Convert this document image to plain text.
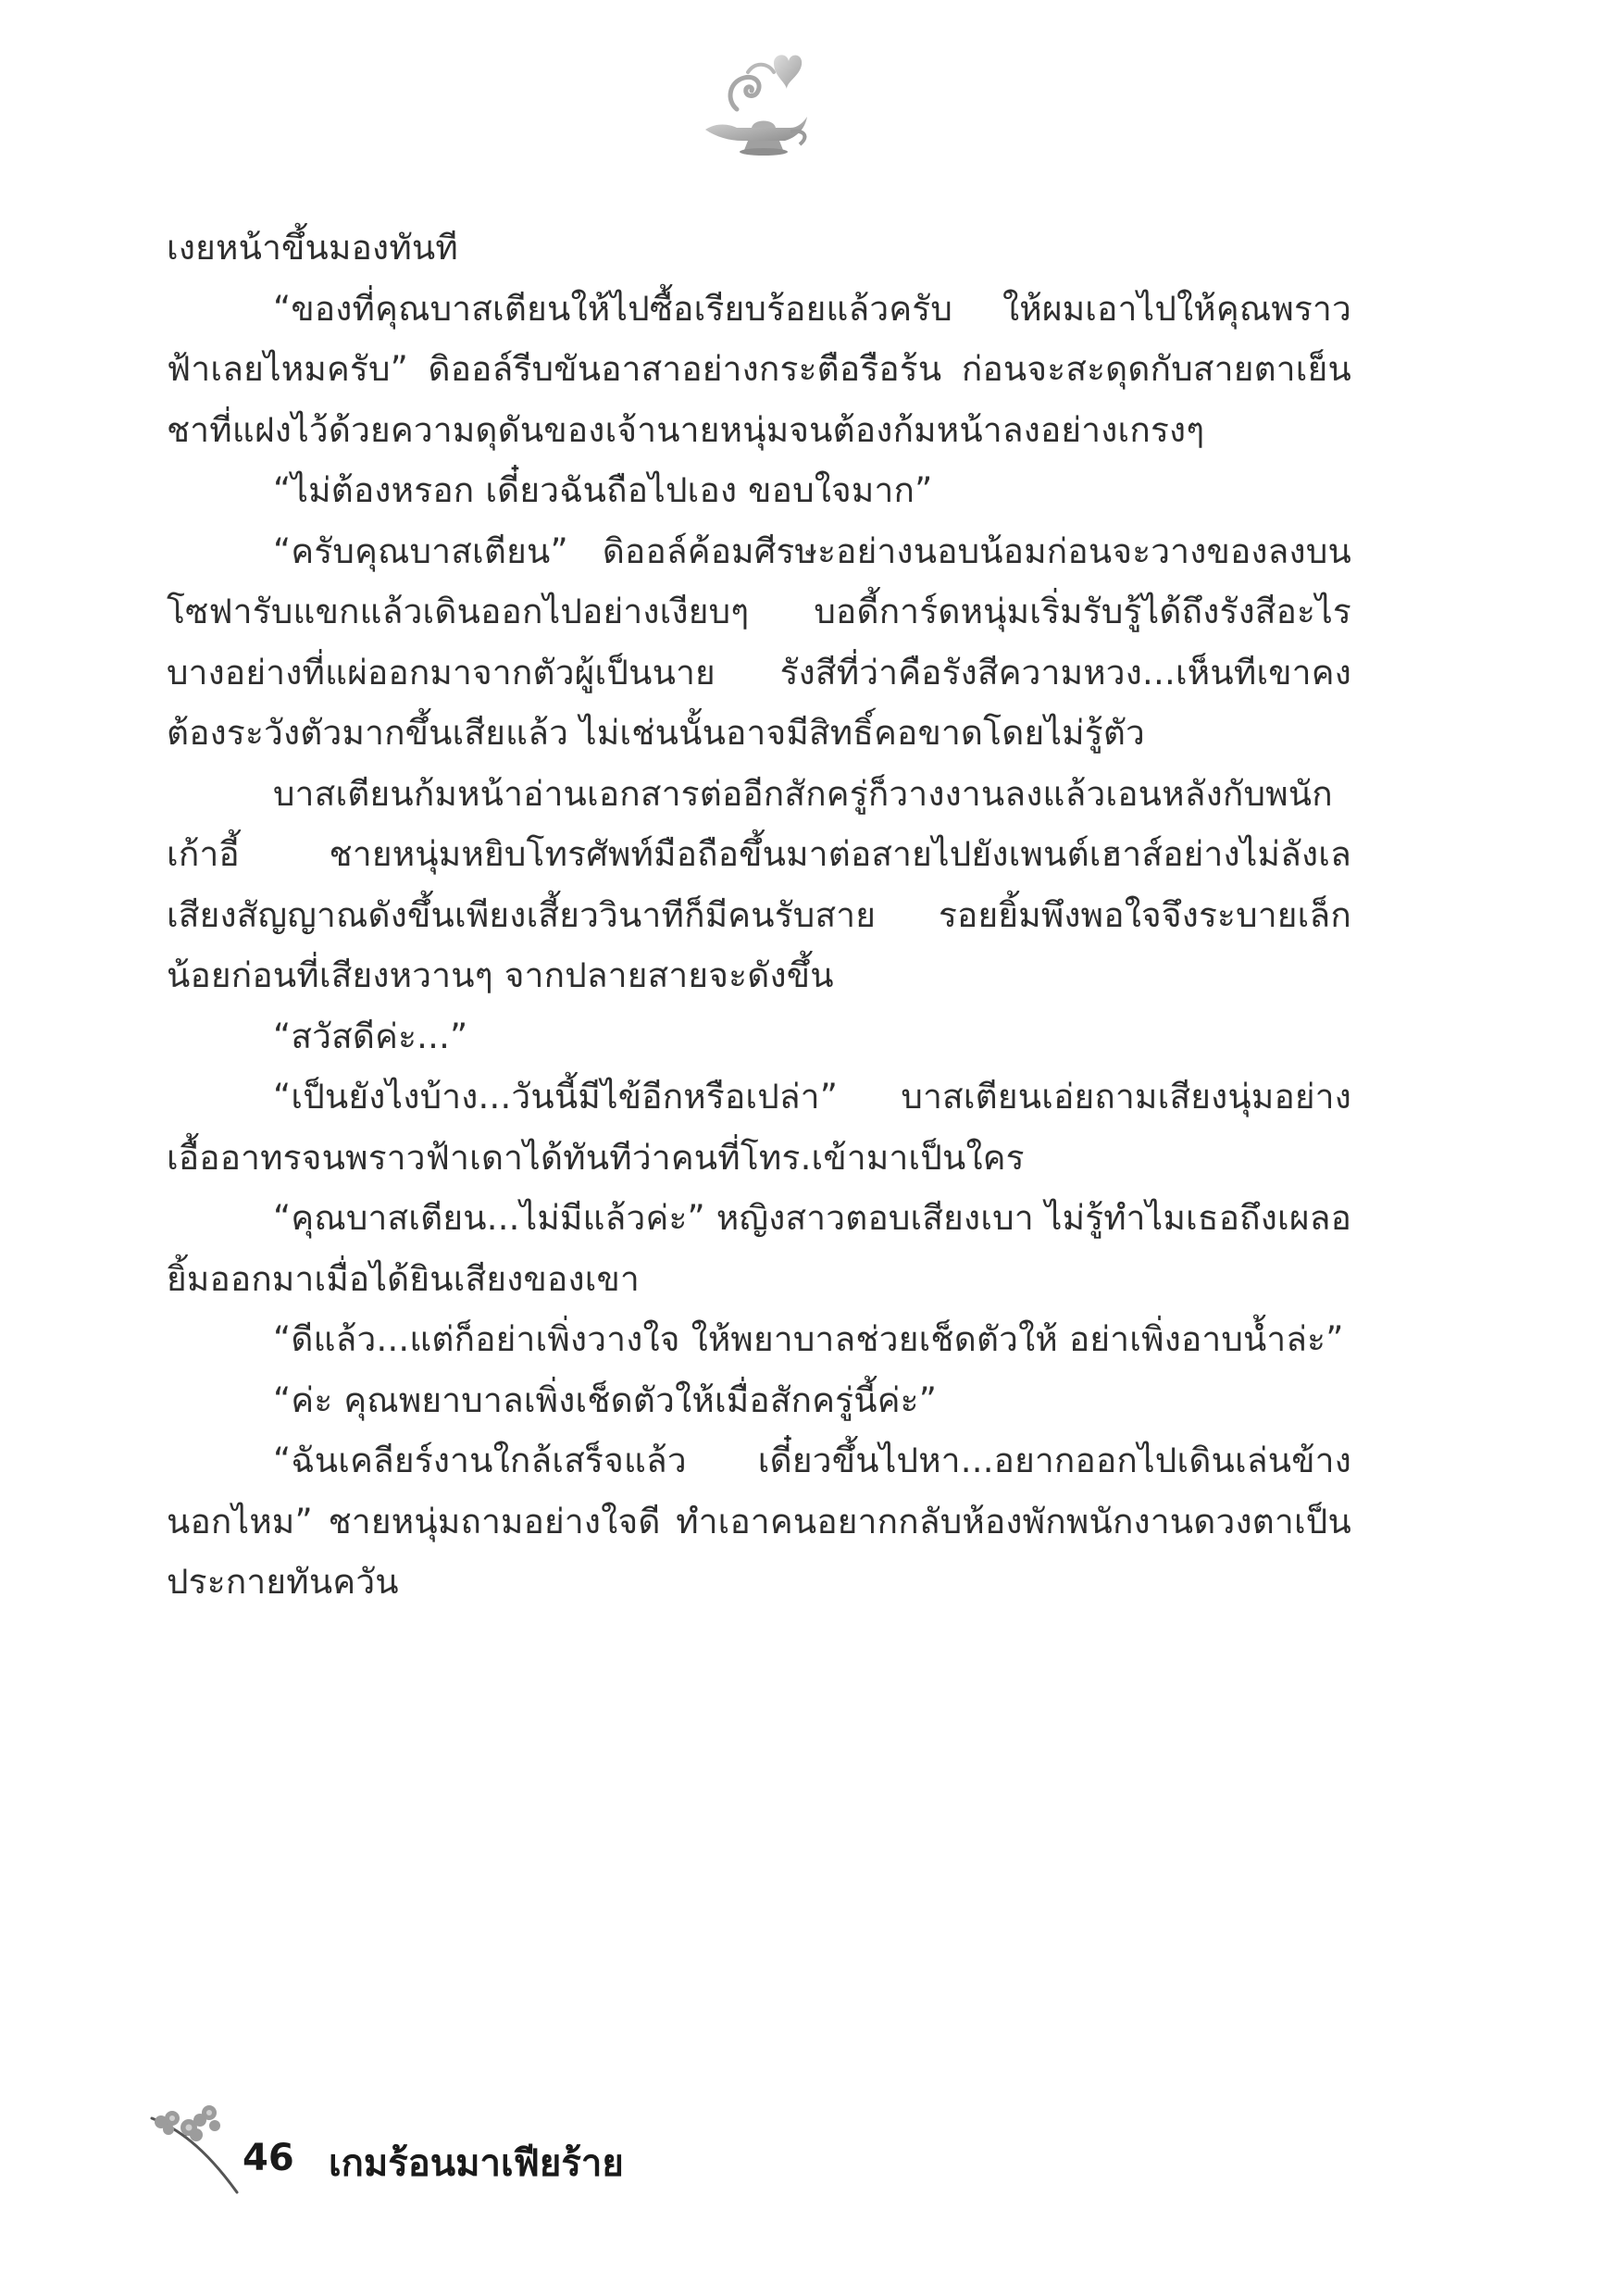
เงยหน้าขึ้นมองทันที

“ของที่คุณบาสเตียนให้ไปซื้อเรียบร้อยแล้วครับ ให้ผมเอาไปให้คุณพราวฟ้าเลยไหมครับ” ดิออล์รีบขันอาสาอย่างกระตือรือร้น ก่อนจะสะดุดกับสายตาเย็นชาที่แฝงไว้ด้วยความดุดันของเจ้านายหนุ่มจนต้องก้มหน้าลงอย่างเกรงๆ

“ไม่ต้องหรอก เดี๋ยวฉันถือไปเอง ขอบใจมาก”

“ครับคุณบาสเตียน” ดิออล์ค้อมศีรษะอย่างนอบน้อมก่อนจะวางของลงบนโซฟารับแขกแล้วเดินออกไปอย่างเงียบๆ บอดี้การ์ดหนุ่มเริ่มรับรู้ได้ถึงรังสีอะไรบางอย่างที่แผ่ออกมาจากตัวผู้เป็นนาย รังสีที่ว่าคือรังสีความหวง...เห็นทีเขาคงต้องระวังตัวมากขึ้นเสียแล้ว ไม่เช่นนั้นอาจมีสิทธิ์คอขาดโดยไม่รู้ตัว

บาสเตียนก้มหน้าอ่านเอกสารต่ออีกสักครู่ก็วางงานลงแล้วเอนหลังกับพนักเก้าอี้ ชายหนุ่มหยิบโทรศัพท์มือถือขึ้นมาต่อสายไปยังเพนต์เฮาส์อย่างไม่ลังเล เสียงสัญญาณดังขึ้นเพียงเสี้ยววินาทีก็มีคนรับสาย รอยยิ้มพึงพอใจจึงระบายเล็กน้อยก่อนที่เสียงหวานๆ จากปลายสายจะดังขึ้น

“สวัสดีค่ะ...”

“เป็นยังไงบ้าง...วันนี้มีไข้อีกหรือเปล่า” บาสเตียนเอ่ยถามเสียงนุ่มอย่างเอื้ออาทรจนพราวฟ้าเดาได้ทันทีว่าคนที่โทร.เข้ามาเป็นใคร

“คุณบาสเตียน...ไม่มีแล้วค่ะ” หญิงสาวตอบเสียงเบา ไม่รู้ทำไมเธอถึงเผลอยิ้มออกมาเมื่อได้ยินเสียงของเขา

“ดีแล้ว...แต่ก็อย่าเพิ่งวางใจ ให้พยาบาลช่วยเช็ดตัวให้ อย่าเพิ่งอาบน้ำล่ะ”

“ค่ะ คุณพยาบาลเพิ่งเช็ดตัวให้เมื่อสักครู่นี้ค่ะ”

“ฉันเคลียร์งานใกล้เสร็จแล้ว เดี๋ยวขึ้นไปหา...อยากออกไปเดินเล่นข้างนอกไหม” ชายหนุ่มถามอย่างใจดี ทำเอาคนอยากกลับห้องพักพนักงานดวงตาเป็นประกายทันควัน

46 เกมร้อนมาเฟียร้าย
